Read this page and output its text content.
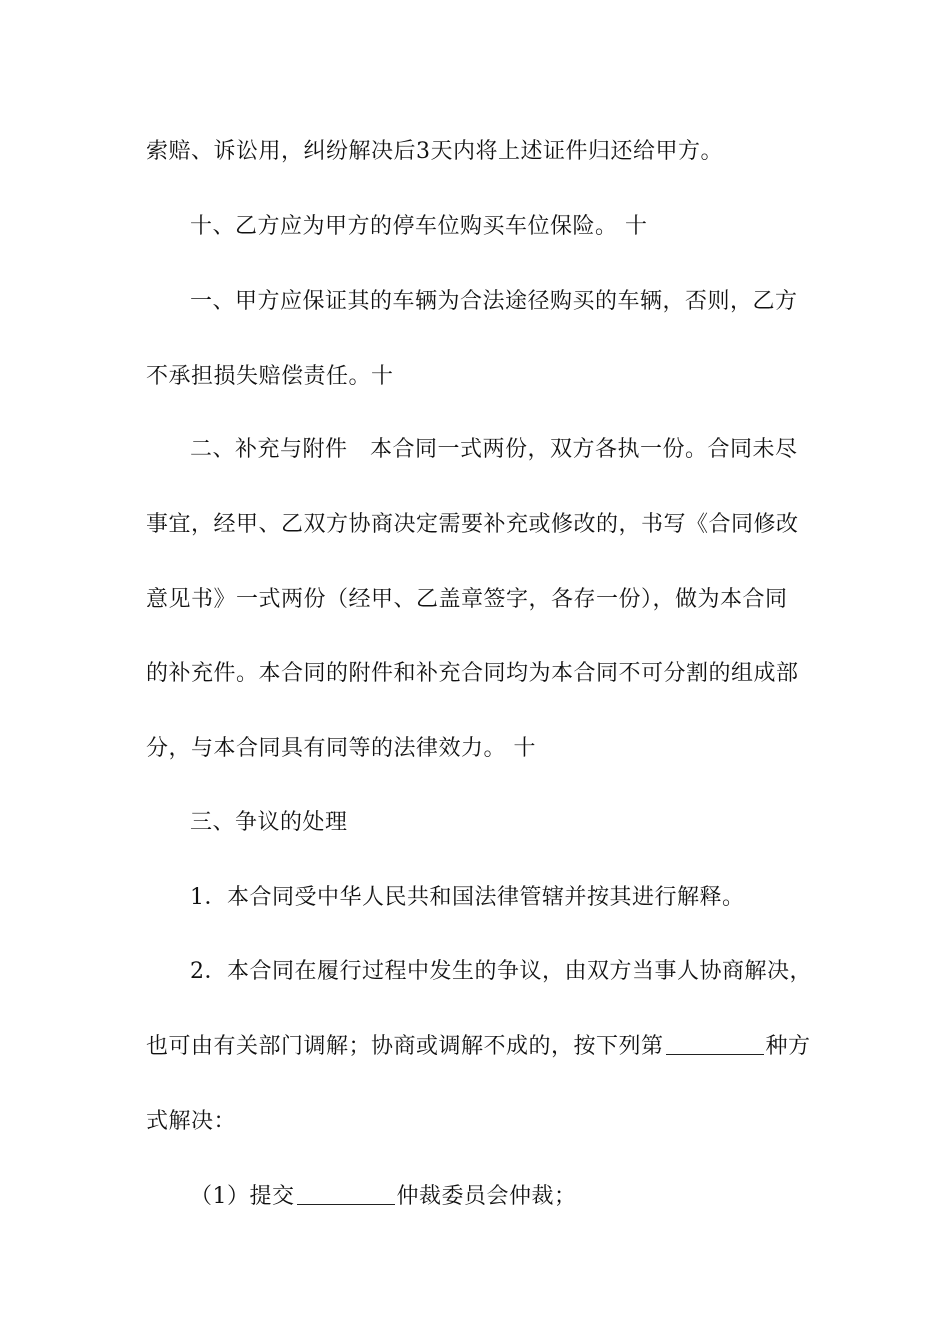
索赔、诉讼用，纠纷解决后3天内将上述证件归还给甲方。
十、乙方应为甲方的停车位购买车位保险。 十
一、甲方应保证其的车辆为合法途径购买的车辆，否则，乙方
不承担损失赔偿责任。十
二、补充与附件　本合同一式两份，双方各执一份。合同未尽
事宜，经甲、乙双方协商决定需要补充或修改的，书写《合同修改
意见书》一式两份（经甲、乙盖章签字，各存一份），做为本合同
的补充件。本合同的附件和补充合同均为本合同不可分割的组成部
分，与本合同具有同等的法律效力。 十
三、争议的处理
1．本合同受中华人民共和国法律管辖并按其进行解释。
2．本合同在履行过程中发生的争议，由双方当事人协商解决，
也可由有关部门调解；协商或调解不成的，按下列第	种方
式解决：
（1）提交	仲裁委员会仲裁；
